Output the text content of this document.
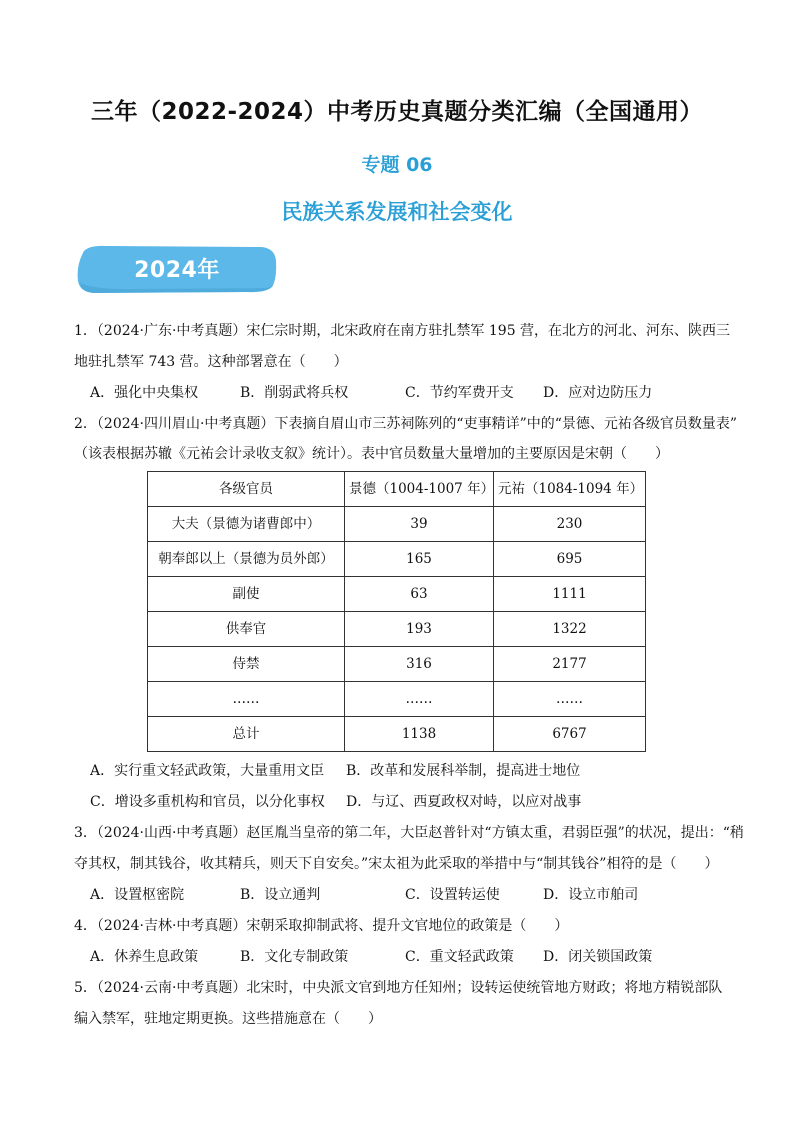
三年（2022-2024）中考历史真题分类汇编（全国通用）
专题 06
民族关系发展和社会变化
2024年

1．（2024·广东·中考真题）宋仁宗时期，北宋政府在南方驻扎禁军 195 营，在北方的河北、河东、陕西三

地驻扎禁军 743 营。这种部署意在（　　）

A．强化中央集权	B．削弱武将兵权	C．节约军费开支	D．应对边防压力

2．（2024·四川眉山·中考真题）下表摘自眉山市三苏祠陈列的“吏事精详”中的“景德、元祐各级官员数量表”

（该表根据苏辙《元祐会计录收支叙》统计）。表中官员数量大量增加的主要原因是宋朝（　　）

各级官员	景德（1004-1007 年）	元祐（1084-1094 年）
大夫（景德为诸曹郎中）	39	230
朝奉郎以上（景德为员外郎）	165	695
副使	63	1111
供奉官	193	1322
侍禁	316	2177
……	……	……
总计	1138	6767
A．实行重文轻武政策，大量重用文臣	B．改革和发展科举制，提高进士地位
C．增设多重机构和官员，以分化事权	D．与辽、西夏政权对峙，以应对战事

3．（2024·山西·中考真题）赵匡胤当皇帝的第二年，大臣赵普针对“方镇太重，君弱臣强”的状况，提出：“稍

夺其权，制其钱谷，收其精兵，则天下自安矣。”宋太祖为此采取的举措中与“制其钱谷”相符的是（　　）

A．设置枢密院	B．设立通判	C．设置转运使	D．设立市舶司

4．（2024·吉林·中考真题）宋朝采取抑制武将、提升文官地位的政策是（　　）

A．休养生息政策	B．文化专制政策	C．重文轻武政策	D．闭关锁国政策

5．（2024·云南·中考真题）北宋时，中央派文官到地方任知州；设转运使统管地方财政；将地方精锐部队

编入禁军，驻地定期更换。这些措施意在（　　）
